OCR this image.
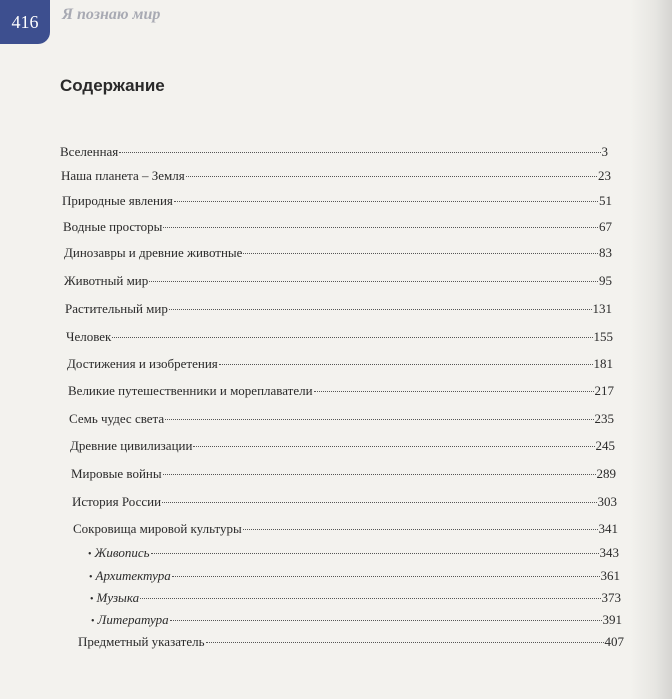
416 Я познаю мир
Содержание
Вселенная	3
Наша планета – Земля	23
Природные явления	51
Водные просторы	67
Динозавры и древние животные	83
Животный мир	95
Растительный мир	131
Человек	155
Достижения и изобретения	181
Великие путешественники и мореплаватели	217
Семь чудес света	235
Древние цивилизации	245
Мировые войны	289
История России	303
Сокровища мировой культуры	341
• Живопись	343
• Архитектура	361
• Музыка	373
• Литература	391
Предметный указатель	407
